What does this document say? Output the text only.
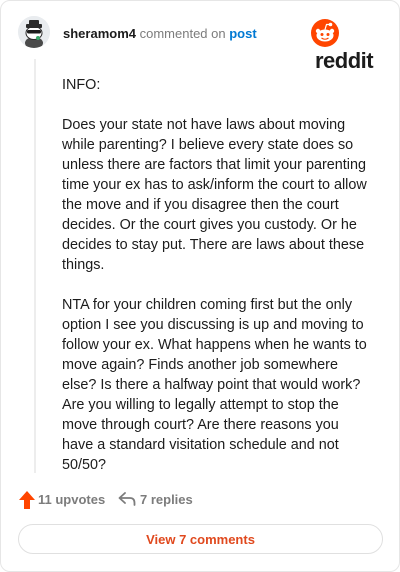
sheramom4 commented on post
reddit

INFO:

Does your state not have laws about moving while parenting? I believe every state does so unless there are factors that limit your parenting time your ex has to ask/inform the court to allow the move and if you disagree then the court decides. Or the court gives you custody. Or he decides to stay put. There are laws about these things.

NTA for your children coming first but the only option I see you discussing is up and moving to follow your ex. What happens when he wants to move again? Finds another job somewhere else? Is there a halfway point that would work? Are you willing to legally attempt to stop the move through court? Are there reasons you have a standard visitation schedule and not 50/50?

11 upvotes	7 replies
View 7 comments
